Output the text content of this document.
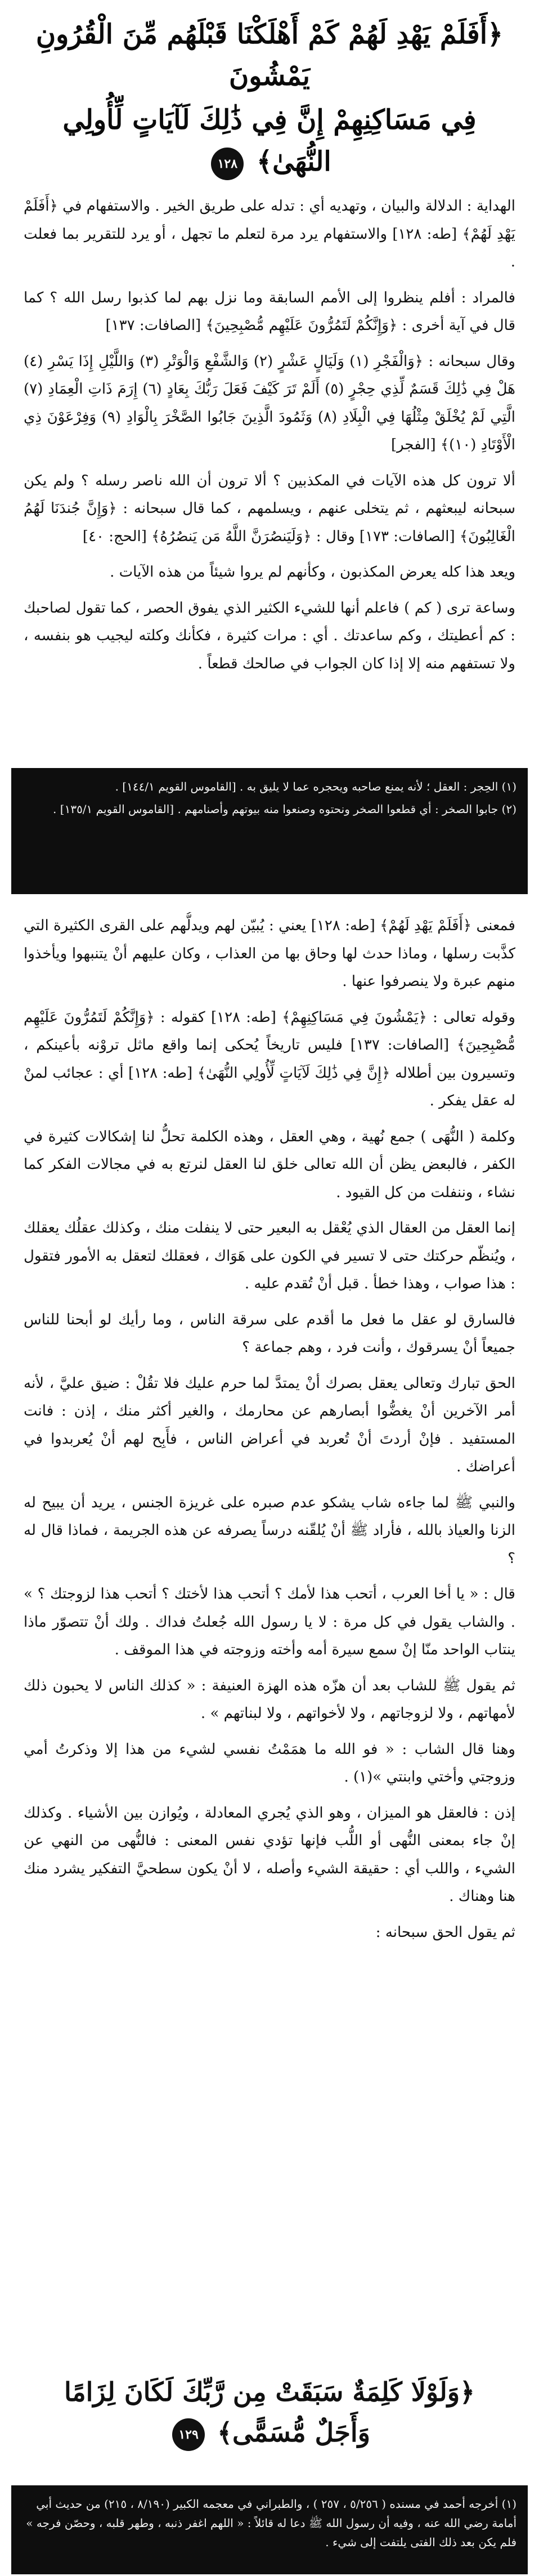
﴿أَفَلَمْ يَهْدِ لَهُمْ كَمْ أَهْلَكْنَا قَبْلَهُم مِّنَ الْقُرُونِ يَمْشُونَ
فِي مَسَاكِنِهِمْ إِنَّ فِي ذَٰلِكَ لَآيَاتٍ لِّأُولِي النُّهَىٰ﴾ ١٢٨

الهداية : الدلالة والبيان ، وتهديه أي : تدله على طريق الخير . والاستفهام في ﴿أَفَلَمْ يَهْدِ لَهُمْ﴾ [طه: ١٢٨] والاستفهام يرد مرة لتعلم ما تجهل ، أو يرد للتقرير بما فعلت .

فالمراد : أفلم ينظروا إلى الأمم السابقة وما نزل بهم لما كذبوا رسل الله ؟ كما قال في آية أخرى : ﴿وَإِنَّكُمْ لَتَمُرُّونَ عَلَيْهِم مُّصْبِحِينَ﴾ [الصافات: ١٣٧]

وقال سبحانه : ﴿وَالْفَجْرِ (١) وَلَيَالٍ عَشْرٍ (٢) وَالشَّفْعِ وَالْوَتْرِ (٣) وَاللَّيْلِ إِذَا يَسْرِ (٤) هَلْ فِي ذَٰلِكَ قَسَمٌ لِّذِي حِجْرٍ (٥) أَلَمْ تَرَ كَيْفَ فَعَلَ رَبُّكَ بِعَادٍ (٦) إِرَمَ ذَاتِ الْعِمَادِ (٧) الَّتِي لَمْ يُخْلَقْ مِثْلُهَا فِي الْبِلَادِ (٨) وَثَمُودَ الَّذِينَ جَابُوا الصَّخْرَ بِالْوَادِ (٩) وَفِرْعَوْنَ ذِي الْأَوْتَادِ (١٠)﴾ [الفجر]

ألا ترون كل هذه الآيات في المكذبين ؟ ألا ترون أن الله ناصر رسله ؟ ولم يكن سبحانه ليبعثهم ، ثم يتخلى عنهم ، ويسلمهم ، كما قال سبحانه : ﴿وَإِنَّ جُندَنَا لَهُمُ الْغَالِبُونَ﴾ [الصافات: ١٧٣] وقال : ﴿وَلَيَنصُرَنَّ اللَّهُ مَن يَنصُرُهُ﴾ [الحج: ٤٠]

ويعد هذا كله يعرض المكذبون ، وكأنهم لم يروا شيئاً من هذه الآيات .

وساعة ترى ( كم ) فاعلم أنها للشيء الكثير الذي يفوق الحصر ، كما تقول لصاحبك : كم أعطيتك ، وكم ساعدتك . أي : مرات كثيرة ، فكأنك وكلته ليجيب هو بنفسه ، ولا تستفهم منه إلا إذا كان الجواب في صالحك قطعاً .

(١) الحِجر : العقل ؛ لأنه يمنع صاحبه ويحجره عما لا يليق به . [القاموس القويم ١٤٤/١] .

(٢) جابوا الصخر : أي قطعوا الصخر ونحتوه وصنعوا منه بيوتهم وأصنامهم . [القاموس القويم ١٣٥/١] .

فمعنى ﴿أَفَلَمْ يَهْدِ لَهُمْ﴾ [طه: ١٢٨] يعني : يُبيّن لهم ويدلُّهم على القرى الكثيرة التي كذَّبت رسلها ، وماذا حدث لها وحاق بها من العذاب ، وكان عليهم أنْ يتنبهوا ويأخذوا منهم عبرة ولا ينصرفوا عنها .

وقوله تعالى : ﴿يَمْشُونَ فِي مَسَاكِنِهِمْ﴾ [طه: ١٢٨] كقوله : ﴿وَإِنَّكُمْ لَتَمُرُّونَ عَلَيْهِم مُّصْبِحِينَ﴾ [الصافات: ١٣٧] فليس تاريخاً يُحكى إنما واقع ماثل تروْنه بأعينكم ، وتسيرون بين أطلاله ﴿إِنَّ فِي ذَٰلِكَ لَآيَاتٍ لِّأُولِي النُّهَىٰ﴾ [طه: ١٢٨] أي : عجائب لمنْ له عقل يفكر .

وكلمة ( النُّهَى ) جمع نُهية ، وهي العقل ، وهذه الكلمة تحلُّ لنا إشكالات كثيرة في الكفر ، فالبعض يظن أن الله تعالى خلق لنا العقل لنرتع به في مجالات الفكر كما نشاء ، وننفلت من كل القيود .

إنما العقل من العقال الذي يُعْقل به البعير حتى لا ينفلت منك ، وكذلك عقلُك يعقلك ، ويُنظّم حركتك حتى لا تسير في الكون على هَوَاك ، فعقلك لتعقل به الأمور فتقول : هذا صواب ، وهذا خطأ . قبل أنْ تُقدم عليه .

فالسارق لو عقل ما فعل ما أقدم على سرقة الناس ، وما رأيك لو أبحنا للناس جميعاً أنْ يسرقوك ، وأنت فرد ، وهم جماعة ؟

الحق تبارك وتعالى يعقل بصرك أنْ يمتدَّ لما حرم عليك فلا تقُلْ : ضيق عليَّ ، لأنه أمر الآخرين أنْ يغضُّوا أبصارهم عن محارمك ، والغير أكثر منك ، إذن : فانت المستفيد . فإنْ أردتَ أنْ تُعربد في أعراض الناس ، فأَبِح لهم أنْ يُعربدوا في أعراضك .

والنبي ﷺ لما جاءه شاب يشكو عدم صبره على غريزة الجنس ، يريد أن يبيح له الزنا والعياذ بالله ، فأراد ﷺ أنْ يُلقّنه درساً يصرفه عن هذه الجريمة ، فماذا قال له ؟

قال : « يا أخا العرب ، أتحب هذا لأمك ؟ أتحب هذا لأختك ؟ أتحب هذا لزوجتك ؟ » . والشاب يقول في كل مرة : لا يا رسول الله جُعلتُ فداك . ولك أنْ تتصوّر ماذا ينتاب الواحد منّا إنْ سمع سيرة أمه وأخته وزوجته في هذا الموقف .

ثم يقول ﷺ للشاب بعد أن هزّه هذه الهزة العنيفة : « كذلك الناس لا يحبون ذلك لأمهاتهم ، ولا لزوجاتهم ، ولا لأخواتهم ، ولا لبناتهم » .

وهنا قال الشاب : « فو الله ما همَمْتُ نفسي لشيء من هذا إلا وذكرتُ أمي وزوجتي وأختي وابنتي »(١) .

إذن : فالعقل هو الميزان ، وهو الذي يُجري المعادلة ، ويُوازن بين الأشياء . وكذلك إنْ جاء بمعنى النُّهى أو اللُّب فإنها تؤدي نفس المعنى : فالنُّهى من النهي عن الشيء ، واللب أي : حقيقة الشيء وأصله ، لا أنْ يكون سطحيَّ التفكير يشرد منك هنا وهناك .

ثم يقول الحق سبحانه :

﴿وَلَوْلَا كَلِمَةٌ سَبَقَتْ مِن رَّبِّكَ لَكَانَ لِزَامًا
وَأَجَلٌ مُّسَمًّى﴾ ١٢٩

(١) أخرجه أحمد في مسنده ( ٥/٢٥٦ ، ٢٥٧ ) ، والطبراني في معجمه الكبير (٨/١٩٠ ، ٢١٥) من حديث أبي أمامة رضي الله عنه ، وفيه أن رسول الله ﷺ دعا له قائلاً : « اللهم اغفر ذنبه ، وطهر قلبه ، وحصّن فرجه » فلم يكن بعد ذلك الفتى يلتفت إلى شيء .
